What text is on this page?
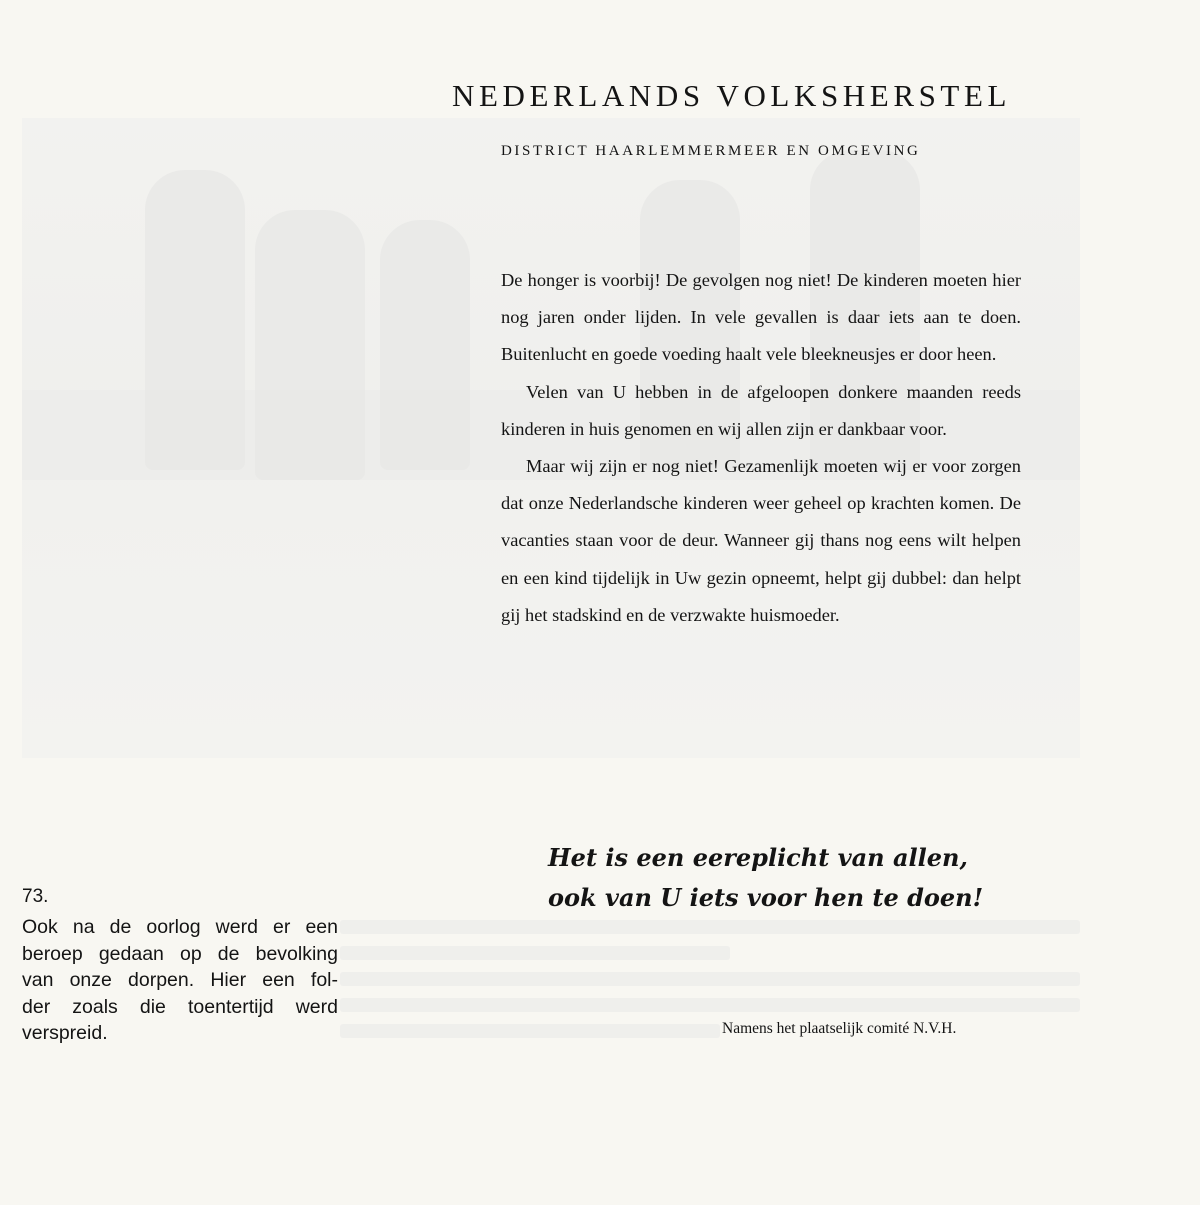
NEDERLANDS VOLKSHERSTEL
DISTRICT HAARLEMMERMEER EN OMGEVING

De honger is voorbij! De gevolgen nog niet! De kinderen moeten hier nog jaren onder lijden. In vele gevallen is daar iets aan te doen. Buitenlucht en goede voeding haalt vele bleekneusjes er door heen.

Velen van U hebben in de afgeloopen donkere maanden reeds kinderen in huis genomen en wij allen zijn er dankbaar voor.

Maar wij zijn er nog niet! Gezamenlijk moeten wij er voor zorgen dat onze Nederlandsche kinderen weer geheel op krachten komen. De vacanties staan voor de deur. Wanneer gij thans nog eens wilt helpen en een kind tijdelijk in Uw gezin opneemt, helpt gij dubbel: dan helpt gij het stadskind en de verzwakte huismoeder.

Het is een eereplicht van allen,
ook van U iets voor hen te doen!
Namens het plaatselijk comité N.V.H.
73.
Ook na de oorlog werd er een
beroep gedaan op de bevolking
van onze dorpen. Hier een fol-
der zoals die toentertijd werd
verspreid.
